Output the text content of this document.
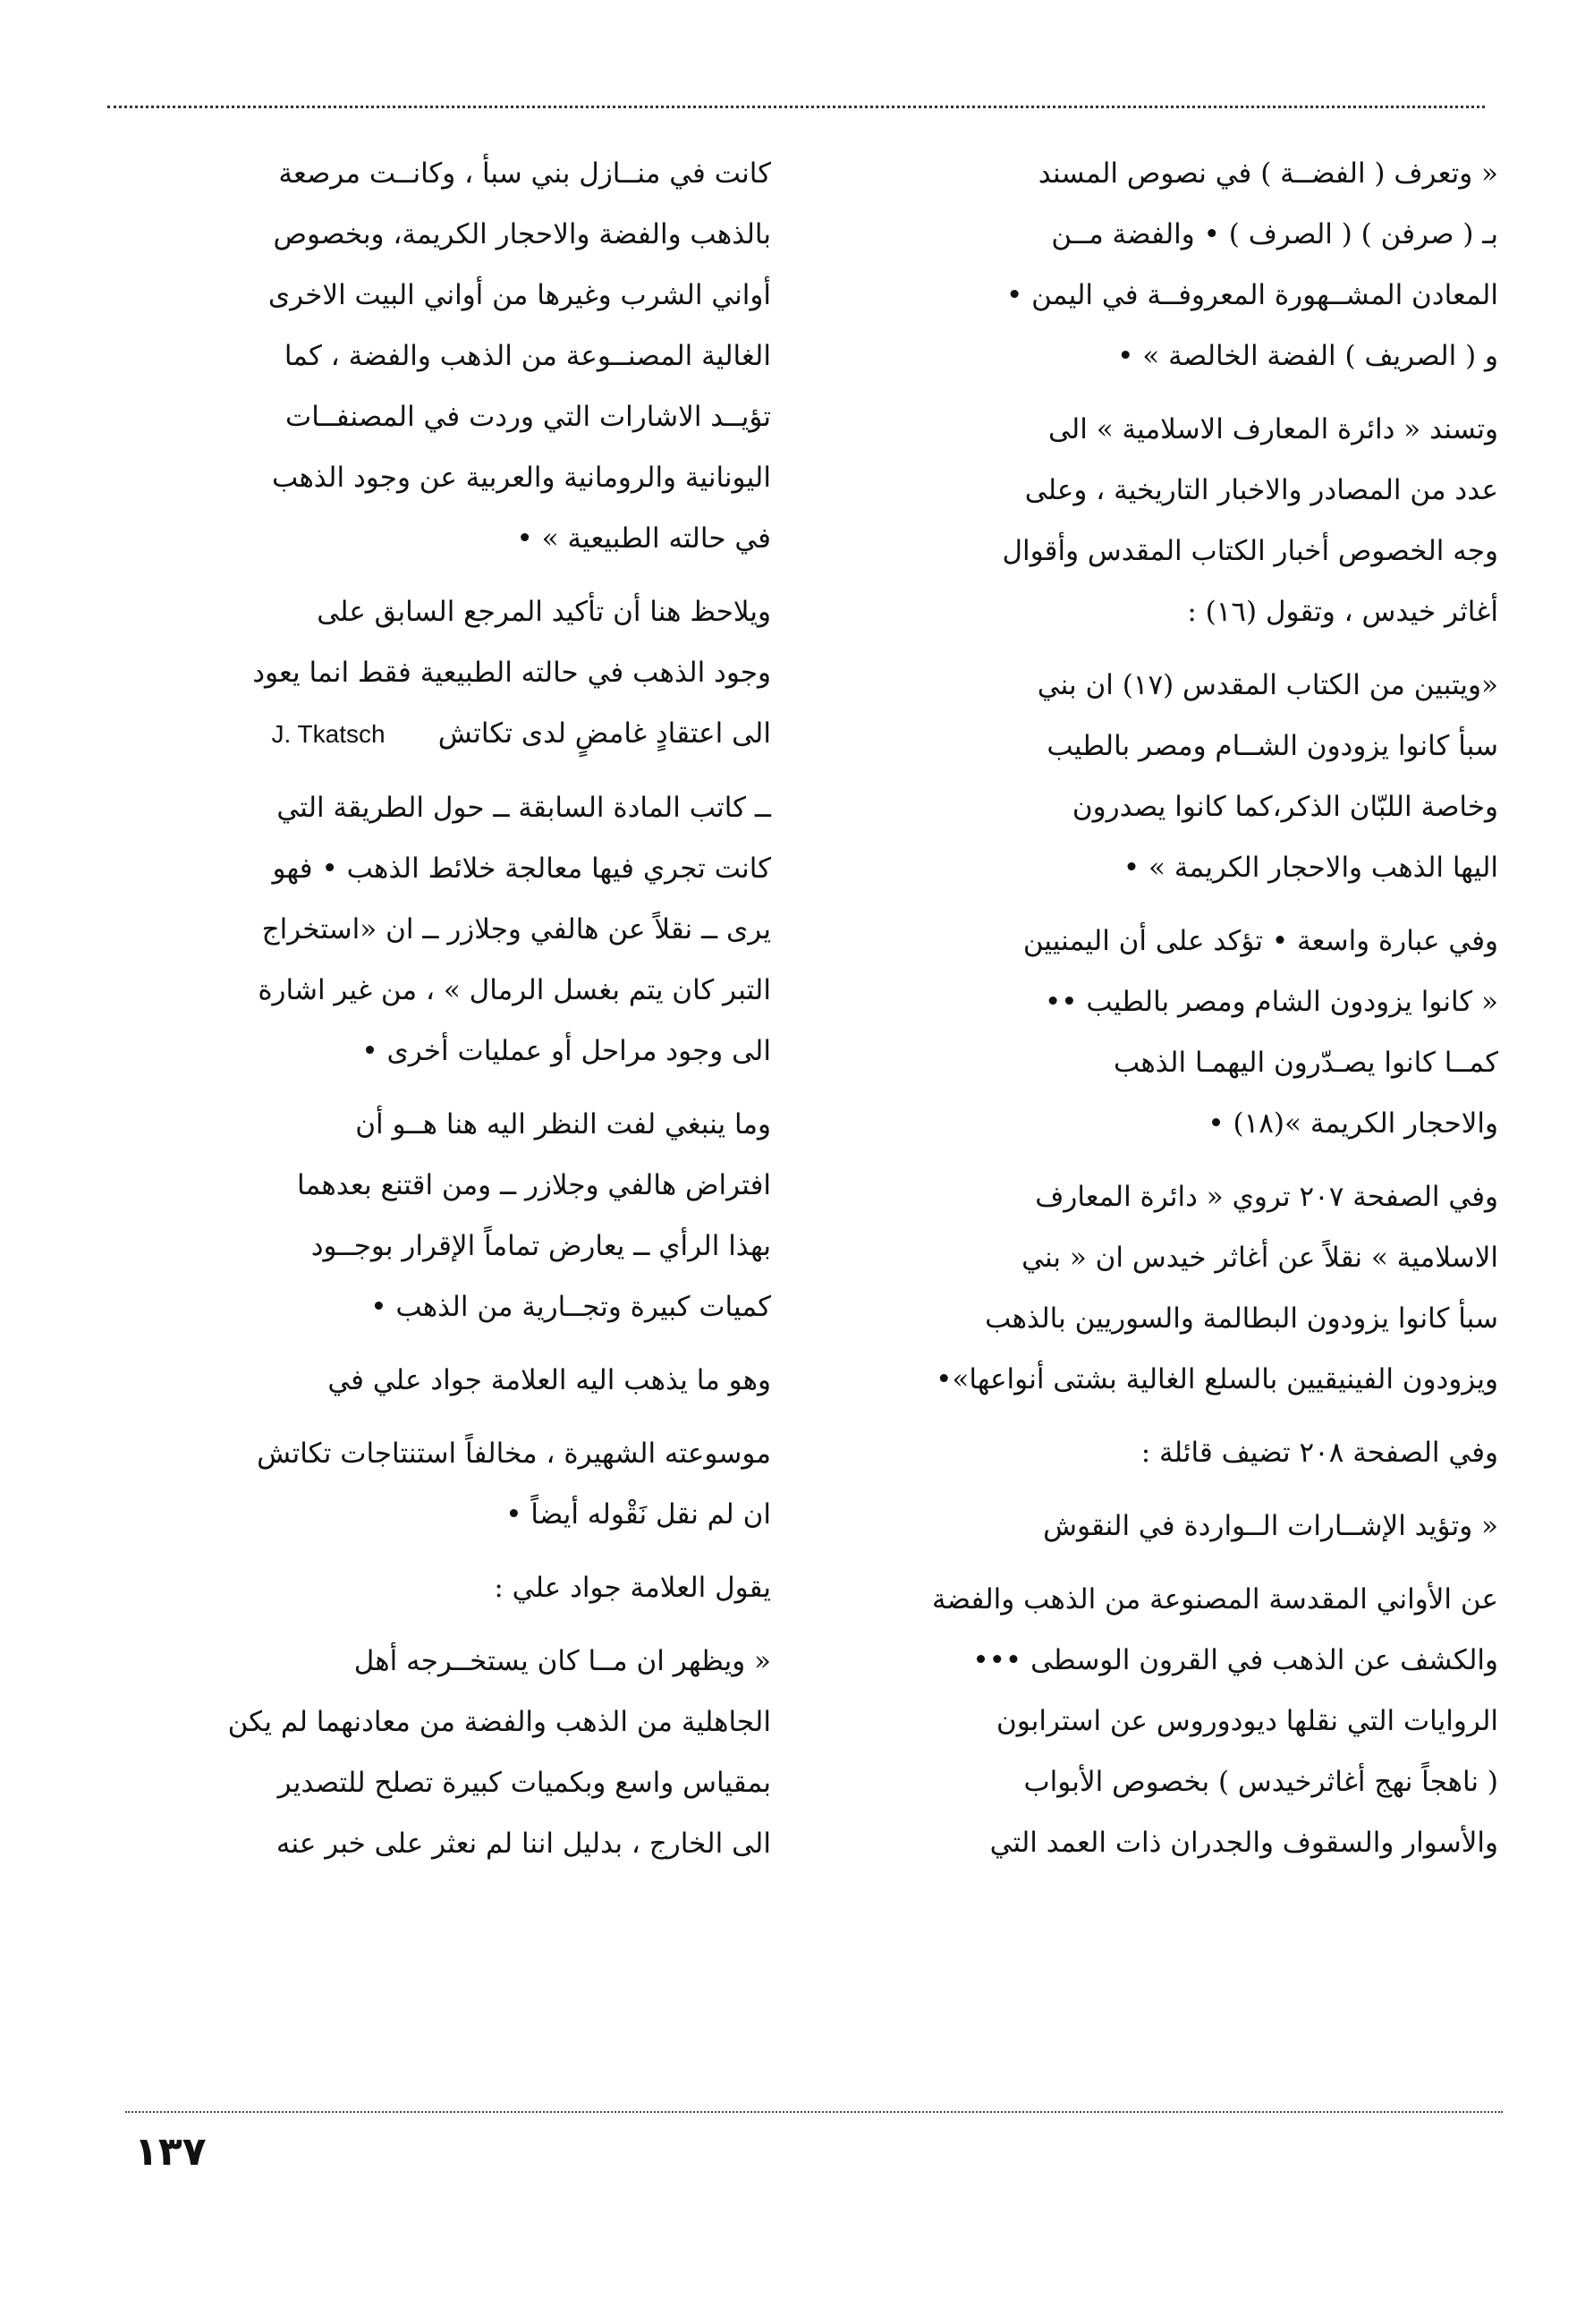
« وتعرف ( الفضــة ) في نصوص المسند

بـ ( صرفن ) ( الصرف ) • والفضة مــن

المعادن المشــهورة المعروفــة في اليمن •

و ( الصريف ) الفضة الخالصة » •

وتسند « دائرة المعارف الاسلامية » الى

عدد من المصادر والاخبار التاريخية ، وعلى

وجه الخصوص أخبار الكتاب المقدس وأقوال

أغاثر خيدس ، وتقول (١٦) :

«ويتبين من الكتاب المقدس (١٧) ان بني

سبأ كانوا يزودون الشــام ومصر بالطيب

وخاصة اللبّان الذكر،كما كانوا يصدرون

اليها الذهب والاحجار الكريمة » •

وفي عبارة واسعة • تؤكد على أن اليمنيين

« كانوا يزودون الشام ومصر بالطيب ••

كمــا كانوا يصـدّرون اليهمـا الذهب

والاحجار الكريمة »(١٨) •

وفي الصفحة ٢٠٧ تروي « دائرة المعارف

الاسلامية » نقلاً عن أغاثر خيدس ان « بني

سبأ كانوا يزودون البطالمة والسوريين بالذهب

ويزودون الفينيقيين بالسلع الغالية بشتى أنواعها»•

وفي الصفحة ٢٠٨ تضيف قائلة :

« وتؤيد الإشــارات الــواردة في النقوش

عن الأواني المقدسة المصنوعة من الذهب والفضة

والكشف عن الذهب في القرون الوسطى •••

الروايات التي نقلها ديودوروس عن استرابون

( ناهجاً نهج أغاثرخيدس ) بخصوص الأبواب

والأسوار والسقوف والجدران ذات العمد التي

كانت في منــازل بني سبأ ، وكانــت مرصعة

بالذهب والفضة والاحجار الكريمة، وبخصوص

أواني الشرب وغيرها من أواني البيت الاخرى

الغالية المصنــوعة من الذهب والفضة ، كما

تؤيــد الاشارات التي وردت في المصنفــات

اليونانية والرومانية والعربية عن وجود الذهب

في حالته الطبيعية » •

ويلاحظ هنا أن تأكيد المرجع السابق على

وجود الذهب في حالته الطبيعية فقط انما يعود

الى اعتقادٍ غامضٍ لدى تكاتش      J. Tkatsch

ــ كاتب المادة السابقة ــ حول الطريقة التي

كانت تجري فيها معالجة خلائط الذهب • فهو

يرى ــ نقلاً عن هالفي وجلازر ــ ان «استخراج

التبر كان يتم بغسل الرمال » ، من غير اشارة

الى وجود مراحل أو عمليات أخرى •

وما ينبغي لفت النظر اليه هنا هــو أن

افتراض هالفي وجلازر ــ ومن اقتنع بعدهما

بهذا الرأي ــ يعارض تماماً الإقرار بوجــود

كميات كبيرة وتجــارية من الذهب •

وهو ما يذهب اليه العلامة جواد علي في

موسوعته الشهيرة ، مخالفاً استنتاجات تكاتش

ان لم نقل نَقْوله أيضاً •

يقول العلامة جواد علي :

« ويظهر ان مــا كان يستخــرجه أهل

الجاهلية من الذهب والفضة من معادنهما لم يكن

بمقياس واسع وبكميات كبيرة تصلح للتصدير

الى الخارج ، بدليل اننا لم نعثر على خبر عنه

١٣٧
